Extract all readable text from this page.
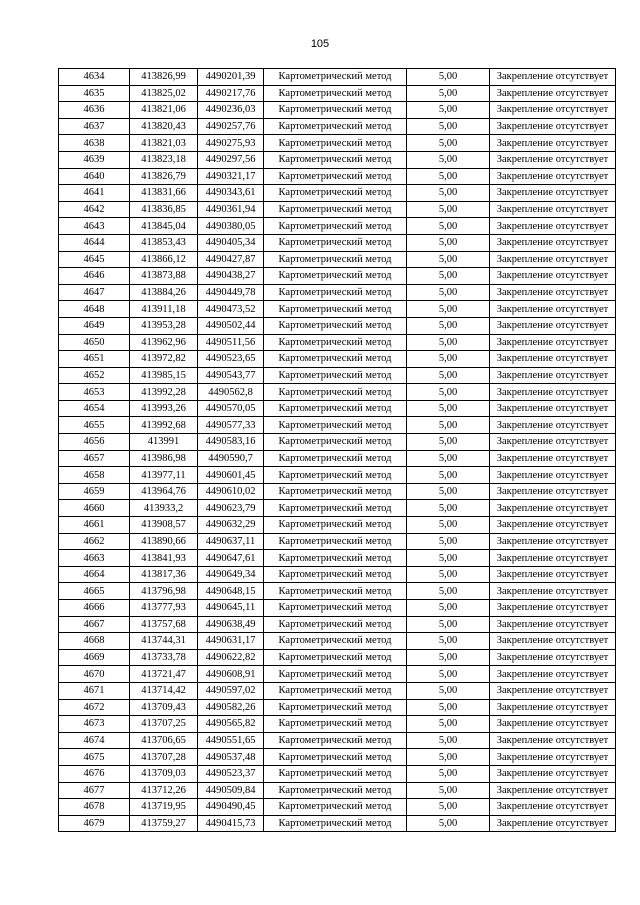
105
4634	413826,99	4490201,39	Картометрический метод	5,00	Закрепление отсутствует
4635	413825,02	4490217,76	Картометрический метод	5,00	Закрепление отсутствует
4636	413821,06	4490236,03	Картометрический метод	5,00	Закрепление отсутствует
4637	413820,43	4490257,76	Картометрический метод	5,00	Закрепление отсутствует
4638	413821,03	4490275,93	Картометрический метод	5,00	Закрепление отсутствует
4639	413823,18	4490297,56	Картометрический метод	5,00	Закрепление отсутствует
4640	413826,79	4490321,17	Картометрический метод	5,00	Закрепление отсутствует
4641	413831,66	4490343,61	Картометрический метод	5,00	Закрепление отсутствует
4642	413836,85	4490361,94	Картометрический метод	5,00	Закрепление отсутствует
4643	413845,04	4490380,05	Картометрический метод	5,00	Закрепление отсутствует
4644	413853,43	4490405,34	Картометрический метод	5,00	Закрепление отсутствует
4645	413866,12	4490427,87	Картометрический метод	5,00	Закрепление отсутствует
4646	413873,88	4490438,27	Картометрический метод	5,00	Закрепление отсутствует
4647	413884,26	4490449,78	Картометрический метод	5,00	Закрепление отсутствует
4648	413911,18	4490473,52	Картометрический метод	5,00	Закрепление отсутствует
4649	413953,28	4490502,44	Картометрический метод	5,00	Закрепление отсутствует
4650	413962,96	4490511,56	Картометрический метод	5,00	Закрепление отсутствует
4651	413972,82	4490523,65	Картометрический метод	5,00	Закрепление отсутствует
4652	413985,15	4490543,77	Картометрический метод	5,00	Закрепление отсутствует
4653	413992,28	4490562,8	Картометрический метод	5,00	Закрепление отсутствует
4654	413993,26	4490570,05	Картометрический метод	5,00	Закрепление отсутствует
4655	413992,68	4490577,33	Картометрический метод	5,00	Закрепление отсутствует
4656	413991	4490583,16	Картометрический метод	5,00	Закрепление отсутствует
4657	413986,98	4490590,7	Картометрический метод	5,00	Закрепление отсутствует
4658	413977,11	4490601,45	Картометрический метод	5,00	Закрепление отсутствует
4659	413964,76	4490610,02	Картометрический метод	5,00	Закрепление отсутствует
4660	413933,2	4490623,79	Картометрический метод	5,00	Закрепление отсутствует
4661	413908,57	4490632,29	Картометрический метод	5,00	Закрепление отсутствует
4662	413890,66	4490637,11	Картометрический метод	5,00	Закрепление отсутствует
4663	413841,93	4490647,61	Картометрический метод	5,00	Закрепление отсутствует
4664	413817,36	4490649,34	Картометрический метод	5,00	Закрепление отсутствует
4665	413796,98	4490648,15	Картометрический метод	5,00	Закрепление отсутствует
4666	413777,93	4490645,11	Картометрический метод	5,00	Закрепление отсутствует
4667	413757,68	4490638,49	Картометрический метод	5,00	Закрепление отсутствует
4668	413744,31	4490631,17	Картометрический метод	5,00	Закрепление отсутствует
4669	413733,78	4490622,82	Картометрический метод	5,00	Закрепление отсутствует
4670	413721,47	4490608,91	Картометрический метод	5,00	Закрепление отсутствует
4671	413714,42	4490597,02	Картометрический метод	5,00	Закрепление отсутствует
4672	413709,43	4490582,26	Картометрический метод	5,00	Закрепление отсутствует
4673	413707,25	4490565,82	Картометрический метод	5,00	Закрепление отсутствует
4674	413706,65	4490551,65	Картометрический метод	5,00	Закрепление отсутствует
4675	413707,28	4490537,48	Картометрический метод	5,00	Закрепление отсутствует
4676	413709,03	4490523,37	Картометрический метод	5,00	Закрепление отсутствует
4677	413712,26	4490509,84	Картометрический метод	5,00	Закрепление отсутствует
4678	413719,95	4490490,45	Картометрический метод	5,00	Закрепление отсутствует
4679	413759,27	4490415,73	Картометрический метод	5,00	Закрепление отсутствует
